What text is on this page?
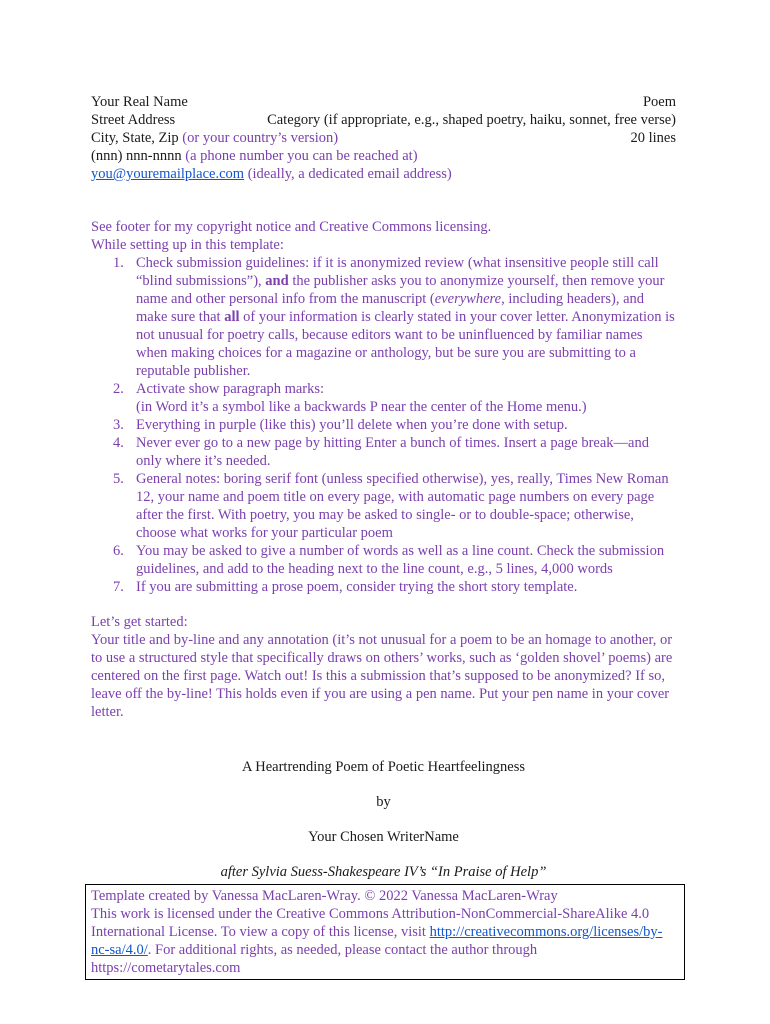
Your Real Name	Poem
Street Address	Category (if appropriate, e.g., shaped poetry, haiku, sonnet, free verse)
City, State, Zip (or your country’s version)	20 lines
(nnn) nnn-nnnn (a phone number you can be reached at)
you@youremailplace.com (ideally, a dedicated email address)
See footer for my copyright notice and Creative Commons licensing.
While setting up in this template:
1. Check submission guidelines: if it is anonymized review (what insensitive people still call “blind submissions”), and the publisher asks you to anonymize yourself, then remove your name and other personal info from the manuscript (everywhere, including headers), and make sure that all of your information is clearly stated in your cover letter. Anonymization is not unusual for poetry calls, because editors want to be uninfluenced by familiar names when making choices for a magazine or anthology, but be sure you are submitting to a reputable publisher.
2. Activate show paragraph marks:
(in Word it’s a symbol like a backwards P near the center of the Home menu.)
3. Everything in purple (like this) you’ll delete when you’re done with setup.
4. Never ever go to a new page by hitting Enter a bunch of times. Insert a page break—and only where it’s needed.
5. General notes: boring serif font (unless specified otherwise), yes, really, Times New Roman 12, your name and poem title on every page, with automatic page numbers on every page after the first. With poetry, you may be asked to single- or to double-space; otherwise, choose what works for your particular poem
6. You may be asked to give a number of words as well as a line count. Check the submission guidelines, and add to the heading next to the line count, e.g., 5 lines, 4,000 words
7. If you are submitting a prose poem, consider trying the short story template.
Let’s get started:
Your title and by-line and any annotation (it’s not unusual for a poem to be an homage to another, or to use a structured style that specifically draws on others’ works, such as ‘golden shovel’ poems) are centered on the first page. Watch out! Is this a submission that’s supposed to be anonymized? If so, leave off the by-line! This holds even if you are using a pen name. Put your pen name in your cover letter.
A Heartrending Poem of Poetic Heartfeelingness
by
Your Chosen WriterName
after Sylvia Suess-Shakespeare IV’s “In Praise of Help”
Template created by Vanessa MacLaren-Wray. © 2022 Vanessa MacLaren-Wray
This work is licensed under the Creative Commons Attribution-NonCommercial-ShareAlike 4.0 International License. To view a copy of this license, visit http://creativecommons.org/licenses/by-nc-sa/4.0/. For additional rights, as needed, please contact the author through https://cometarytales.com
